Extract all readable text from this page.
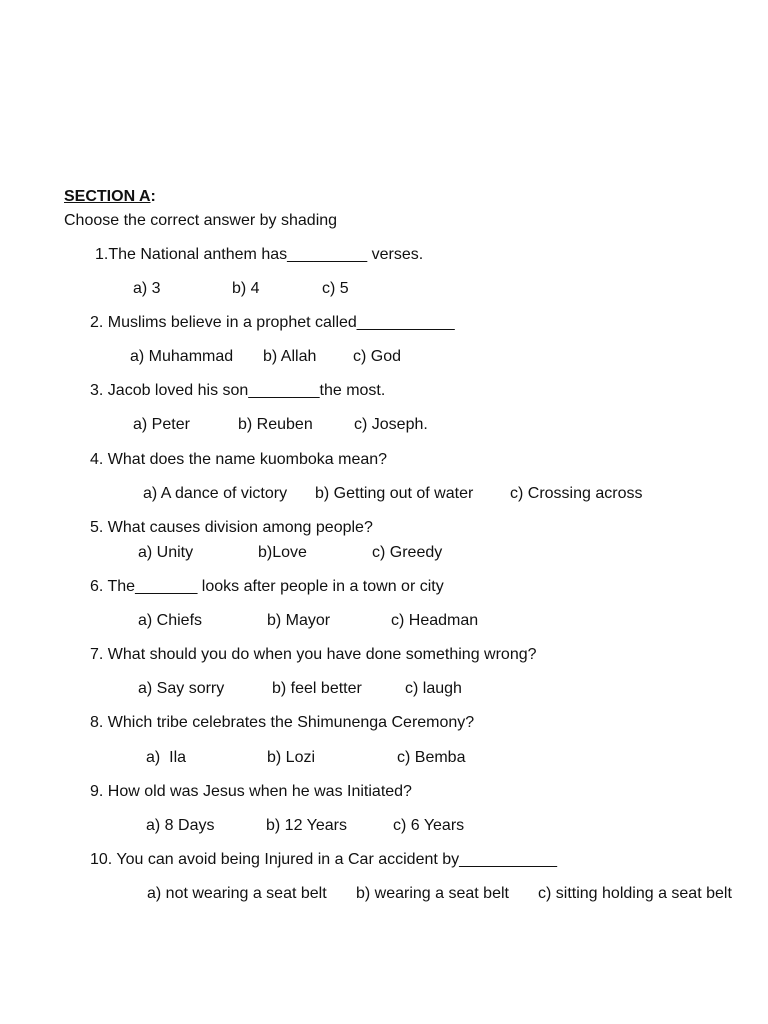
SECTION A:
Choose the correct answer by shading
1.The National anthem has_________ verses.
a) 3	b) 4	c) 5
2. Muslims believe in a prophet called___________
a) Muhammad b) Allah c) God
3. Jacob loved his son________the most.
a) Peter	b) Reuben	c) Joseph.
4. What does the name kuomboka mean?
a) A dance of victory b) Getting out of water c) Crossing across
5. What causes division among people?
a) Unity	b)Love	c) Greedy
6. The_______ looks after people in a town or city
a) Chiefs	b) Mayor	c) Headman
7. What should you do when you have done something wrong?
a) Say sorry	b) feel better	c) laugh
8. Which tribe celebrates the Shimunenga Ceremony?
a)  Ila	b) Lozi	c) Bemba
9. How old was Jesus when he was Initiated?
a) 8 Days	b) 12 Years	c) 6 Years
10. You can avoid being Injured in a Car accident by___________
a) not wearing a seat belt b) wearing a seat belt c) sitting holding a seat belt
